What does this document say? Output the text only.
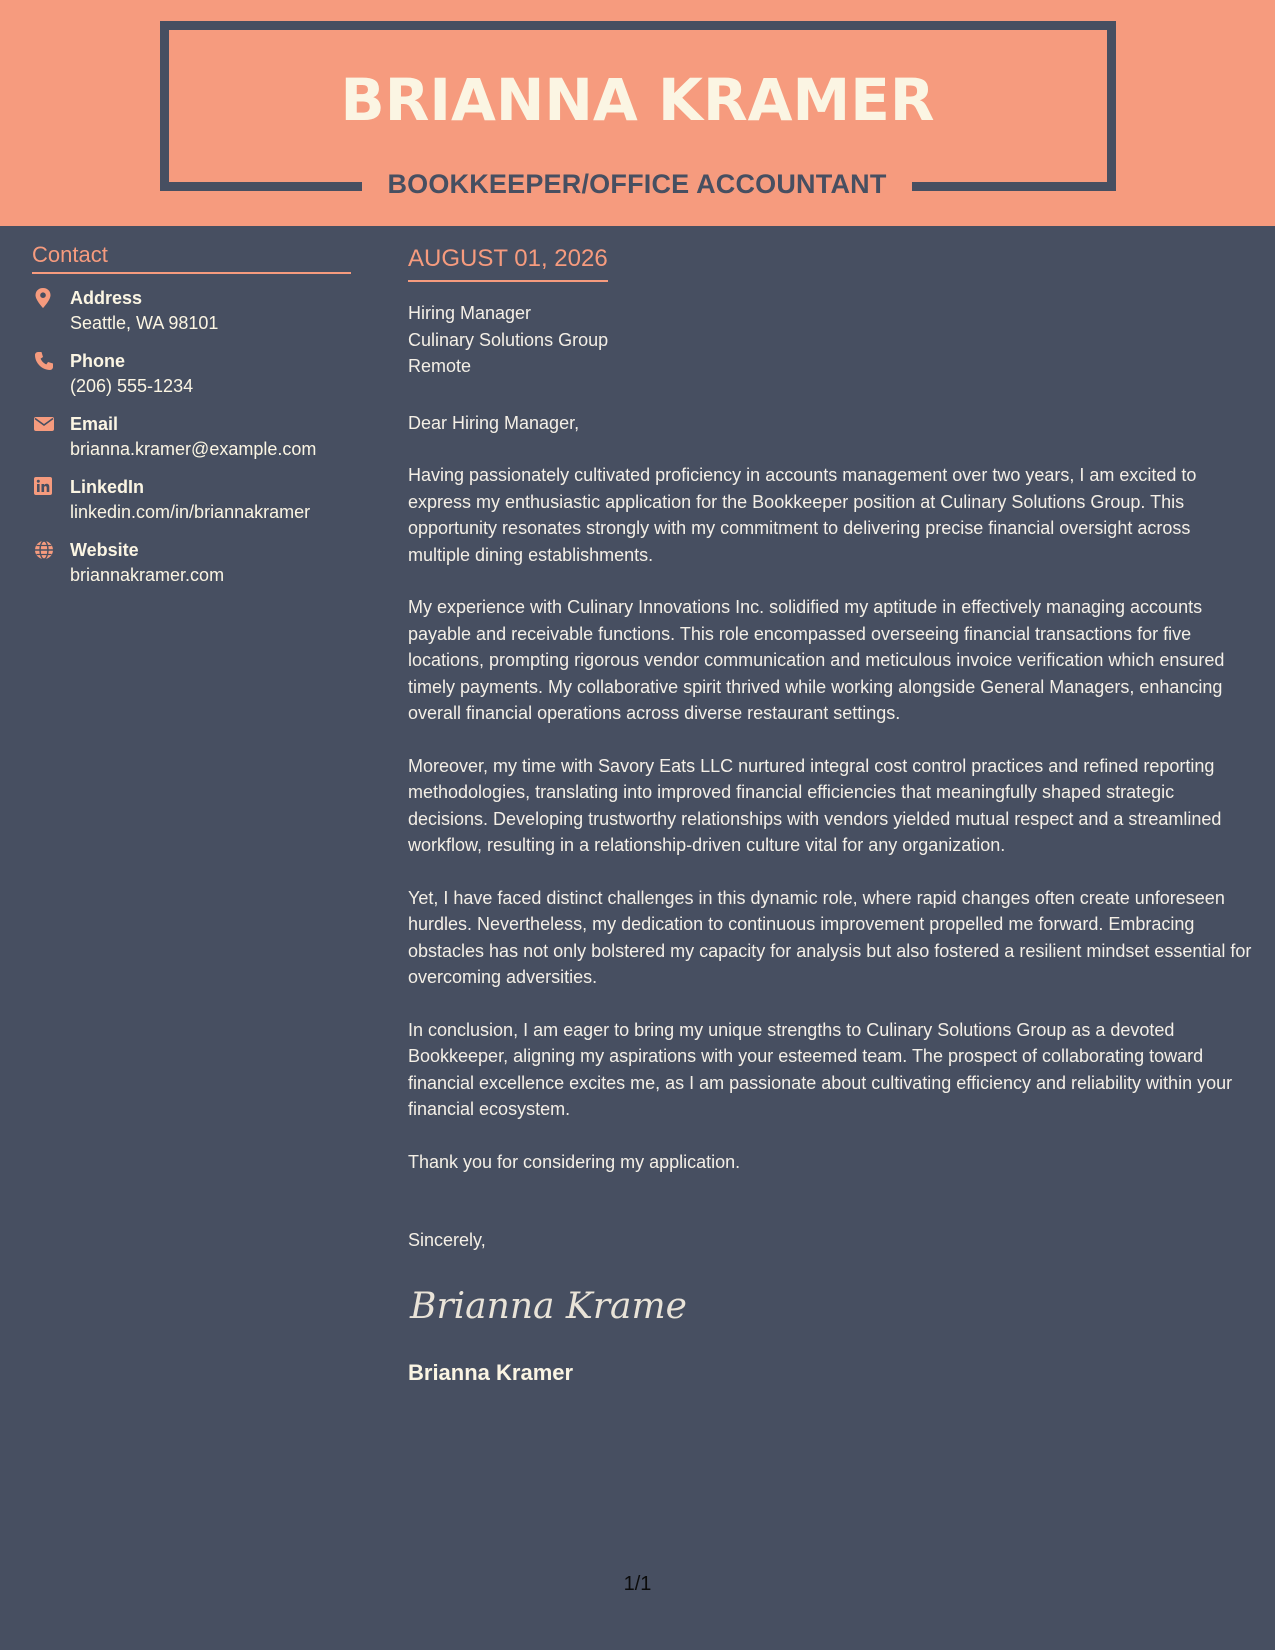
BRIANNA KRAMER
BOOKKEEPER/OFFICE ACCOUNTANT
Contact
Address
Seattle, WA 98101
Phone
(206) 555-1234
Email
brianna.kramer@example.com
LinkedIn
linkedin.com/in/briannakramer
Website
briannakramer.com
AUGUST 01, 2026
Hiring Manager
Culinary Solutions Group
Remote
Dear Hiring Manager,
Having passionately cultivated proficiency in accounts management over two years, I am excited to express my enthusiastic application for the Bookkeeper position at Culinary Solutions Group. This opportunity resonates strongly with my commitment to delivering precise financial oversight across multiple dining establishments.
My experience with Culinary Innovations Inc. solidified my aptitude in effectively managing accounts payable and receivable functions. This role encompassed overseeing financial transactions for five locations, prompting rigorous vendor communication and meticulous invoice verification which ensured timely payments. My collaborative spirit thrived while working alongside General Managers, enhancing overall financial operations across diverse restaurant settings.
Moreover, my time with Savory Eats LLC nurtured integral cost control practices and refined reporting methodologies, translating into improved financial efficiencies that meaningfully shaped strategic decisions. Developing trustworthy relationships with vendors yielded mutual respect and a streamlined workflow, resulting in a relationship-driven culture vital for any organization.
Yet, I have faced distinct challenges in this dynamic role, where rapid changes often create unforeseen hurdles. Nevertheless, my dedication to continuous improvement propelled me forward. Embracing obstacles has not only bolstered my capacity for analysis but also fostered a resilient mindset essential for overcoming adversities.
In conclusion, I am eager to bring my unique strengths to Culinary Solutions Group as a devoted Bookkeeper, aligning my aspirations with your esteemed team. The prospect of collaborating toward financial excellence excites me, as I am passionate about cultivating efficiency and reliability within your financial ecosystem.
Thank you for considering my application.
Sincerely,
Brianna Kramer
Brianna Kramer
1/1
